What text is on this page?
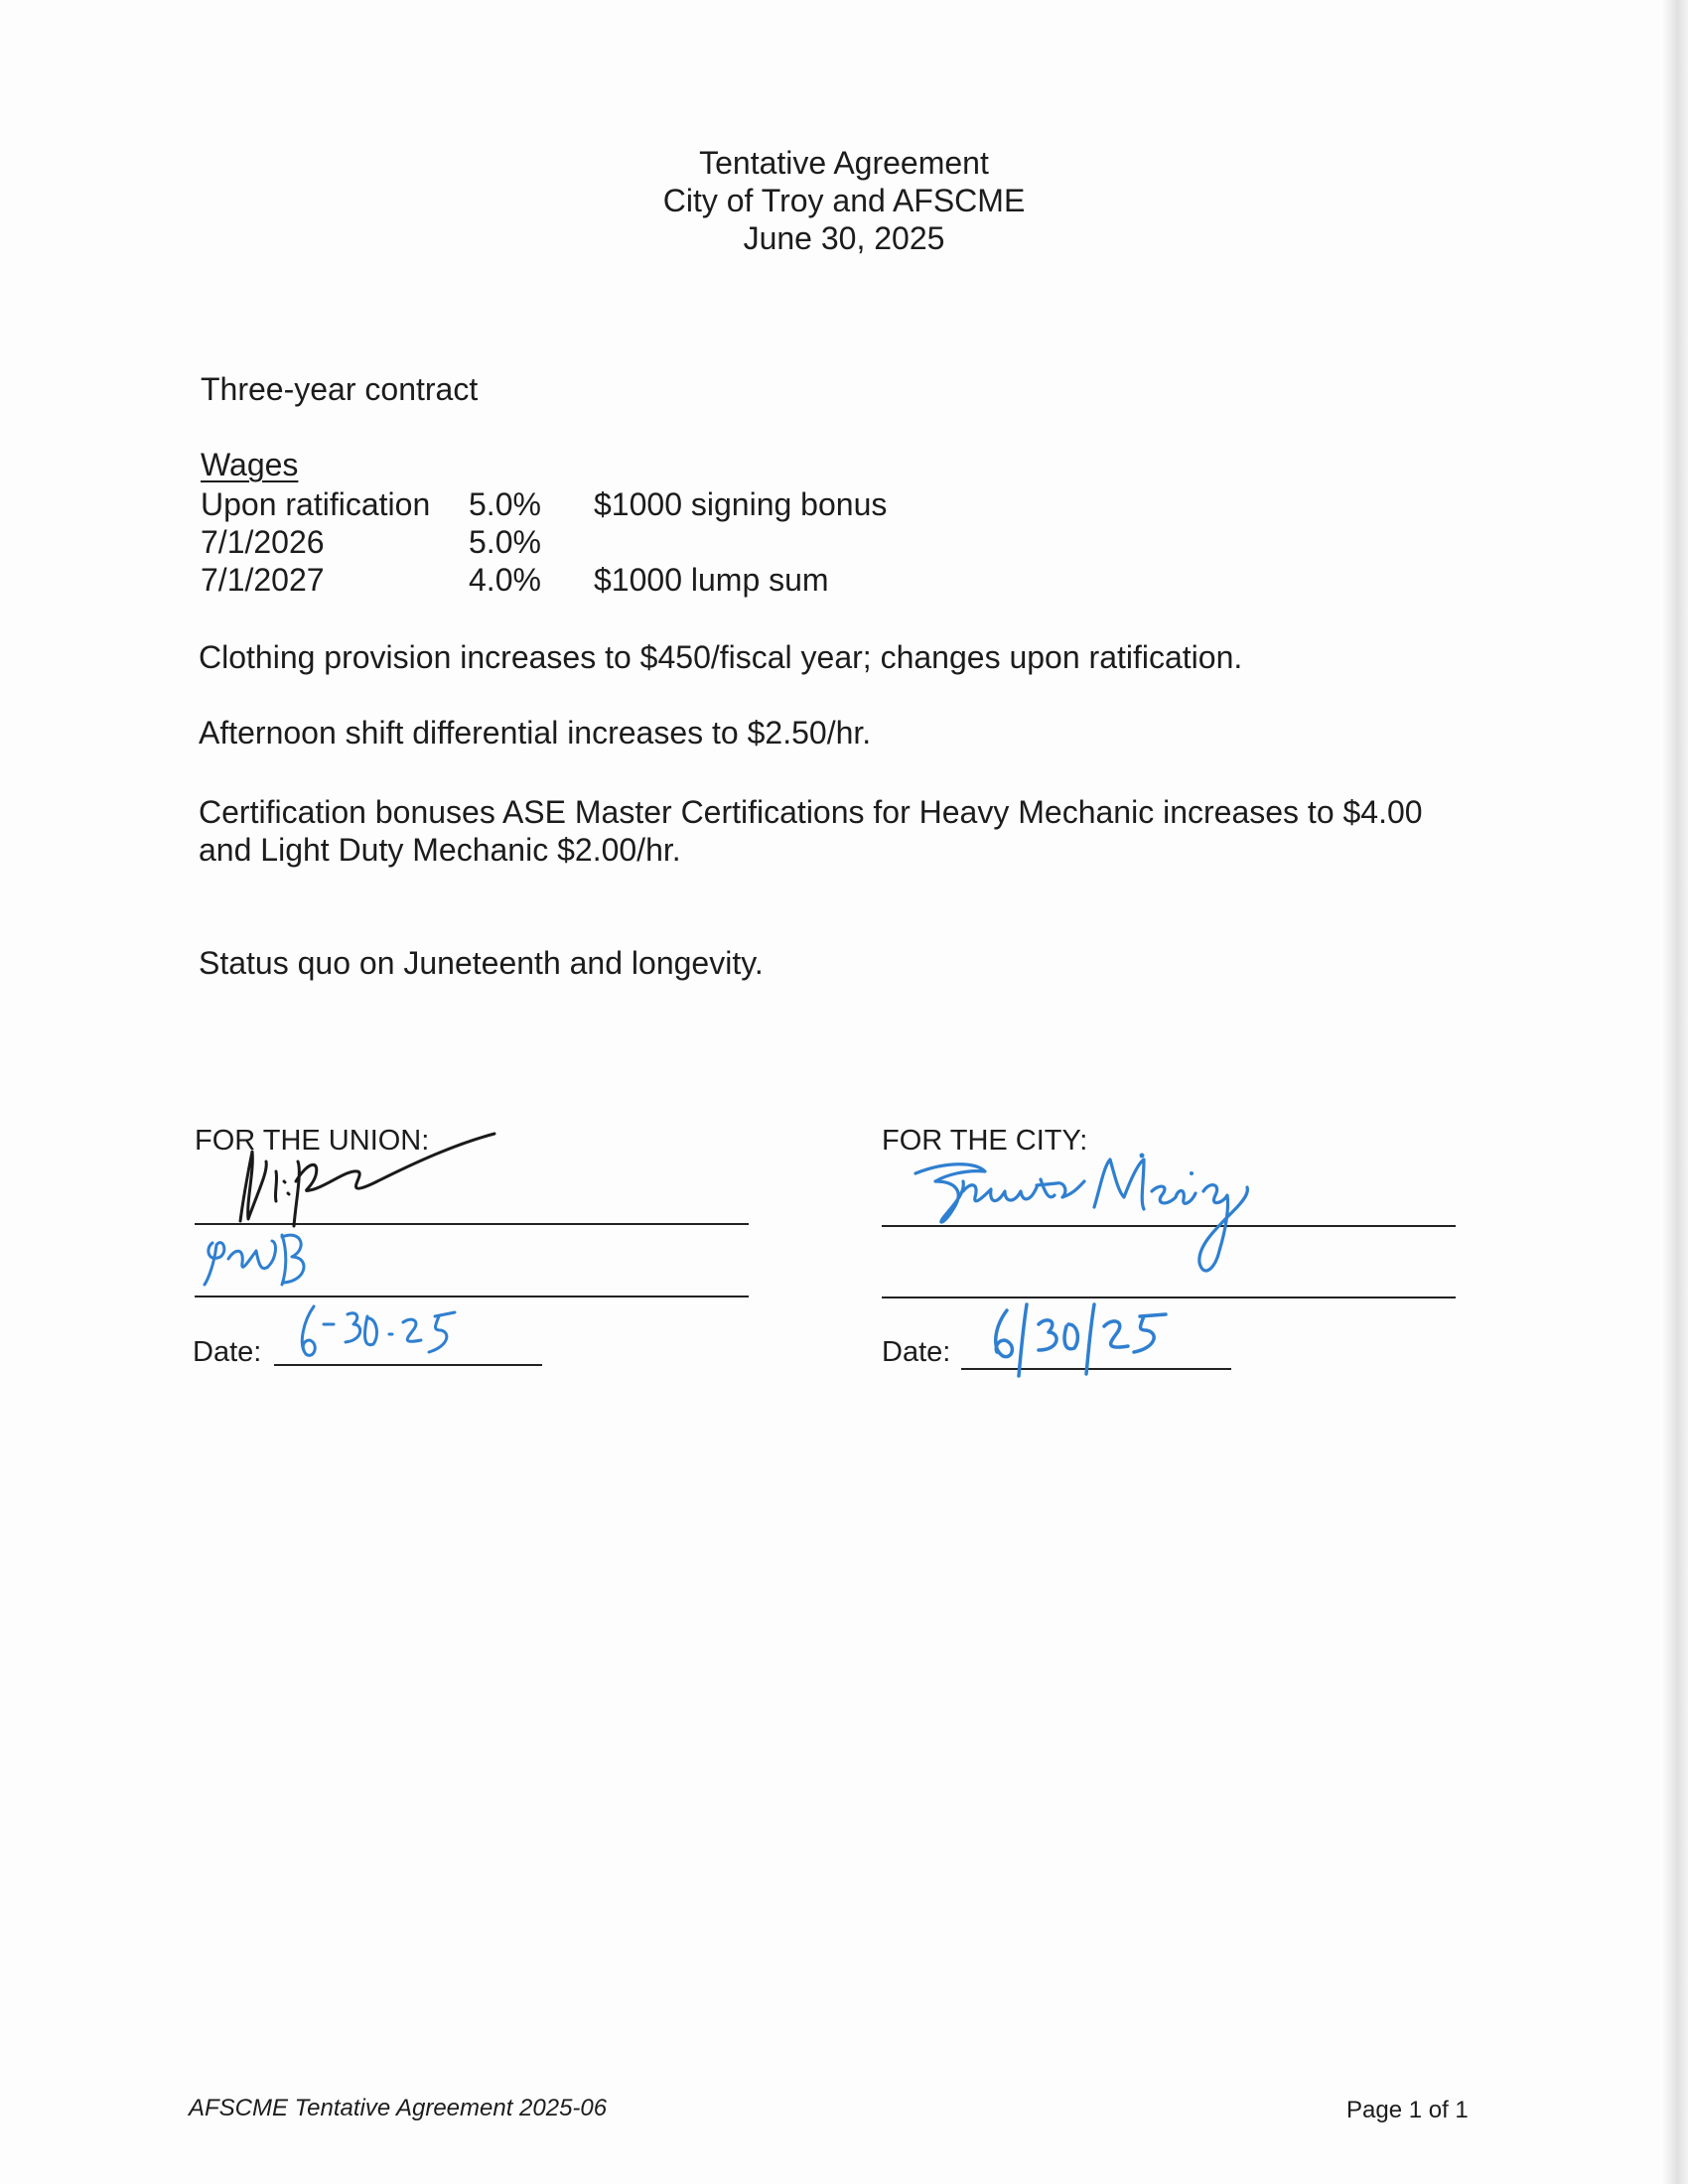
Tentative Agreement
City of Troy and AFSCME
June 30, 2025
Three-year contract
Wages
Upon ratification 5.0% $1000 signing bonus
7/1/2026	5.0%
7/1/2027	4.0% $1000 lump sum
Clothing provision increases to $450/fiscal year; changes upon ratification.
Afternoon shift differential increases to $2.50/hr.
Certification bonuses ASE Master Certifications for Heavy Mechanic increases to $4.00
and Light Duty Mechanic $2.00/hr.
Status quo on Juneteenth and longevity.
FOR THE UNION:
Date:
FOR THE CITY:
Date:
AFSCME Tentative Agreement 2025-06	Page 1 of 1
